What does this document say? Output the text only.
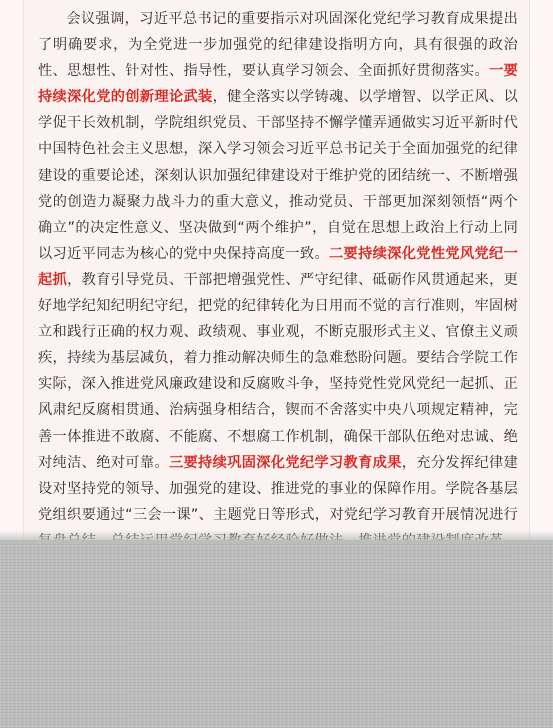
会议强调，习近平总书记的重要指示对巩固深化党纪学习教育成果提出了明确要求，为全党进一步加强党的纪律建设指明方向，具有很强的政治性、思想性、针对性、指导性，要认真学习领会、全面抓好贯彻落实。一要持续深化党的创新理论武装，健全落实以学铸魂、以学增智、以学正风、以学促干长效机制，学院组织党员、干部坚持不懈学懂弄通做实习近平新时代中国特色社会主义思想，深入学习领会习近平总书记关于全面加强党的纪律建设的重要论述，深刻认识加强纪律建设对于维护党的团结统一、不断增强党的创造力凝聚力战斗力的重大意义，推动党员、干部更加深刻领悟“两个确立”的决定性意义、坚决做到“两个维护”，自觉在思想上政治上行动上同以习近平同志为核心的党中央保持高度一致。二要持续深化党性党风党纪一起抓，教育引导党员、干部把增强党性、严守纪律、砥砺作风贯通起来，更好地学纪知纪明纪守纪，把党的纪律转化为日用而不觉的言行准则，牢固树立和践行正确的权力观、政绩观、事业观，不断克服形式主义、官僚主义顽疾，持续为基层减负，着力推动解决师生的急难愁盼问题。要结合学院工作实际，深入推进党风廉政建设和反腐败斗争，坚持党性党风党纪一起抓、正风肃纪反腐相贯通、治病强身相结合，锲而不舍落实中央八项规定精神，完善一体推进不敢腐、不能腐、不想腐工作机制，确保干部队伍绝对忠诚、绝对纯洁、绝对可靠。三要持续巩固深化党纪学习教育成果，充分发挥纪律建设对坚持党的领导、加强党的建设、推进党的事业的保障作用。学院各基层党组织要通过“三会一课”、主题党日等形式，对党纪学习教育开展情况进行
